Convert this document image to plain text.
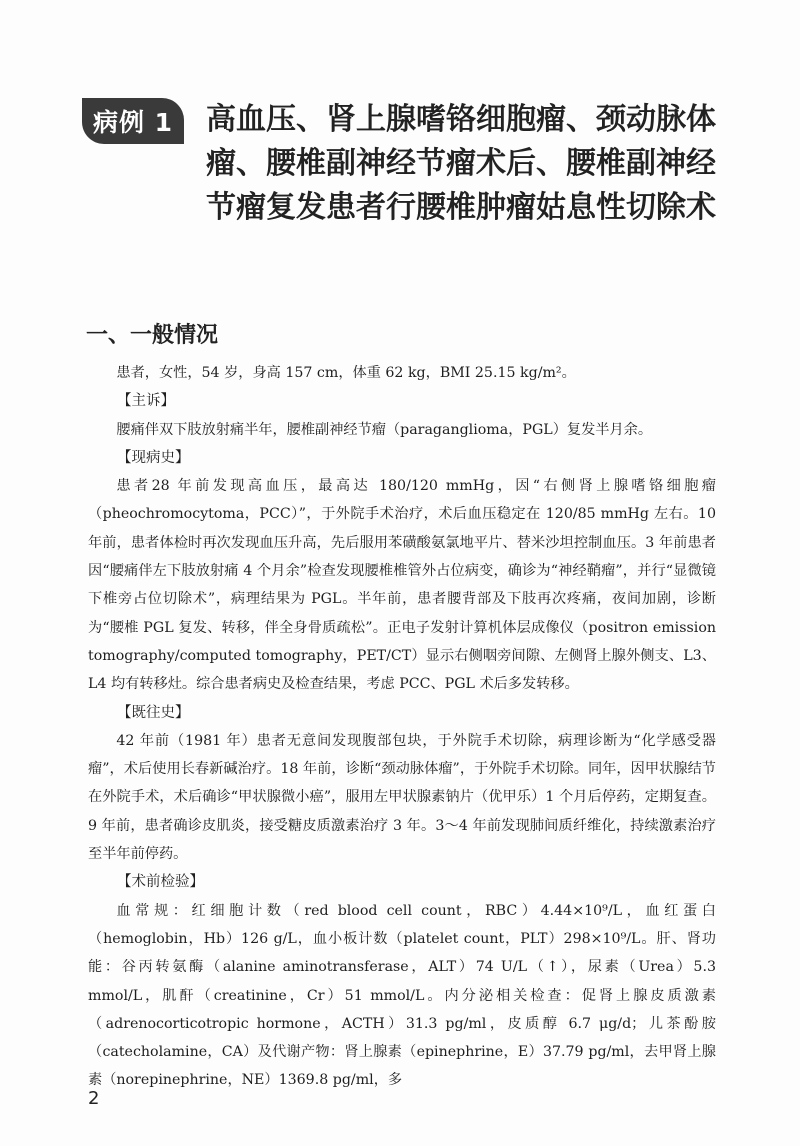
病例 1	高血压、肾上腺嗜铬细胞瘤、颈动脉体瘤、腰椎副神经节瘤术后、腰椎副神经节瘤复发患者行腰椎肿瘤姑息性切除术
一、一般情况

患者，女性，54 岁，身高 157 cm，体重 62 kg，BMI 25.15 kg/m²。

【主诉】

腰痛伴双下肢放射痛半年，腰椎副神经节瘤（paraganglioma，PGL）复发半月余。

【现病史】

患者28 年前发现高血压，最高达 180/120 mmHg，因“右侧肾上腺嗜铬细胞瘤（pheochromocytoma，PCC）”，于外院手术治疗，术后血压稳定在 120/85 mmHg 左右。10 年前，患者体检时再次发现血压升高，先后服用苯磺酸氨氯地平片、替米沙坦控制血压。3 年前患者因“腰痛伴左下肢放射痛 4 个月余”检查发现腰椎椎管外占位病变，确诊为“神经鞘瘤”，并行“显微镜下椎旁占位切除术”，病理结果为 PGL。半年前，患者腰背部及下肢再次疼痛，夜间加剧，诊断为“腰椎 PGL 复发、转移，伴全身骨质疏松”。正电子发射计算机体层成像仪（positron emission tomography/computed tomography，PET/CT）显示右侧咽旁间隙、左侧肾上腺外侧支、L3、L4 均有转移灶。综合患者病史及检查结果，考虑 PCC、PGL 术后多发转移。

【既往史】

42 年前（1981 年）患者无意间发现腹部包块，于外院手术切除，病理诊断为“化学感受器瘤”，术后使用长春新碱治疗。18 年前，诊断“颈动脉体瘤”，于外院手术切除。同年，因甲状腺结节在外院手术，术后确诊“甲状腺微小癌”，服用左甲状腺素钠片（优甲乐）1 个月后停药，定期复查。9 年前，患者确诊皮肌炎，接受糖皮质激素治疗 3 年。3～4 年前发现肺间质纤维化，持续激素治疗至半年前停药。

【术前检验】

血常规：红细胞计数（red blood cell count，RBC）4.44×10⁹/L，血红蛋白（hemoglobin，Hb）126 g/L，血小板计数（platelet count，PLT）298×10⁹/L。肝、肾功能：谷丙转氨酶（alanine aminotransferase，ALT）74 U/L（↑），尿素（Urea）5.3 mmol/L，肌酐（creatinine，Cr）51 mmol/L。内分泌相关检查：促肾上腺皮质激素（adrenocorticotropic hormone，ACTH）31.3 pg/ml，皮质醇 6.7 μg/d；儿茶酚胺（catecholamine，CA）及代谢产物：肾上腺素（epinephrine，E）37.79 pg/ml，去甲肾上腺素（norepinephrine，NE）1369.8 pg/ml，多

2
